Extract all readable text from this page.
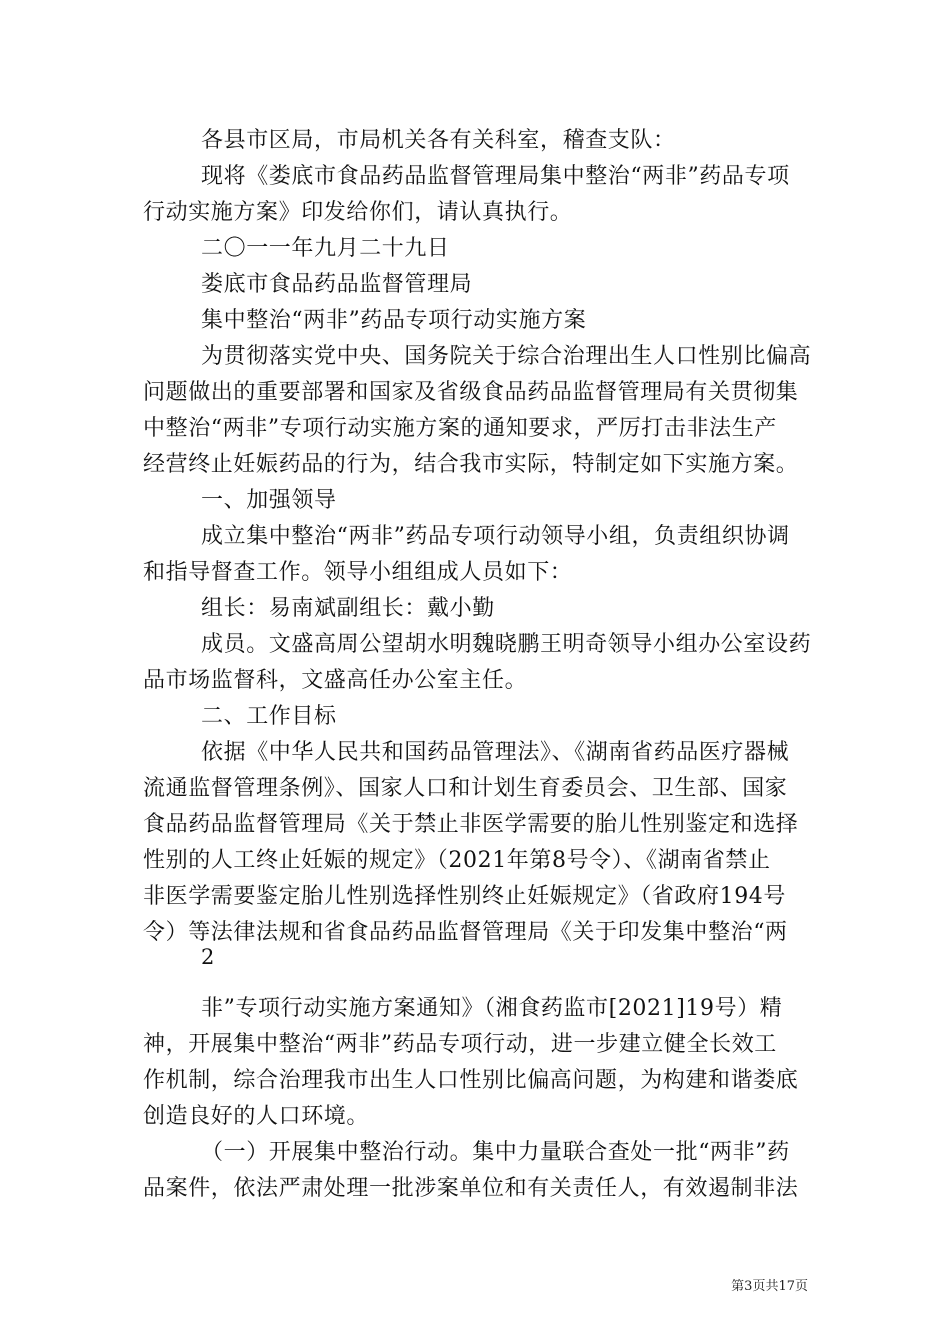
各县市区局，市局机关各有关科室，稽查支队：
现将《娄底市食品药品监督管理局集中整治“两非”药品专项
行动实施方案》印发给你们，请认真执行。
二〇一一年九月二十九日
娄底市食品药品监督管理局
集中整治“两非”药品专项行动实施方案
为贯彻落实党中央、国务院关于综合治理出生人口性别比偏高
问题做出的重要部署和国家及省级食品药品监督管理局有关贯彻集
中整治“两非”专项行动实施方案的通知要求，严厉打击非法生产
经营终止妊娠药品的行为，结合我市实际，特制定如下实施方案。
一、加强领导
成立集中整治“两非”药品专项行动领导小组，负责组织协调
和指导督查工作。领导小组组成人员如下：
组长：易南斌副组长：戴小勤
成员。文盛高周公望胡水明魏晓鹏王明奇领导小组办公室设药
品市场监督科，文盛高任办公室主任。
二、工作目标
依据《中华人民共和国药品管理法》、《湖南省药品医疗器械
流通监督管理条例》、国家人口和计划生育委员会、卫生部、国家
食品药品监督管理局《关于禁止非医学需要的胎儿性别鉴定和选择
性别的人工终止妊娠的规定》（2021年第8号令）、《湖南省禁止
非医学需要鉴定胎儿性别选择性别终止妊娠规定》（省政府194号
令）等法律法规和省食品药品监督管理局《关于印发集中整治“两
2
非”专项行动实施方案通知》（湘食药监市[2021]19号）精
神，开展集中整治“两非”药品专项行动，进一步建立健全长效工
作机制，综合治理我市出生人口性别比偏高问题，为构建和谐娄底
创造良好的人口环境。
（一）开展集中整治行动。集中力量联合查处一批“两非”药
品案件，依法严肃处理一批涉案单位和有关责任人，有效遏制非法
第3页共17页
